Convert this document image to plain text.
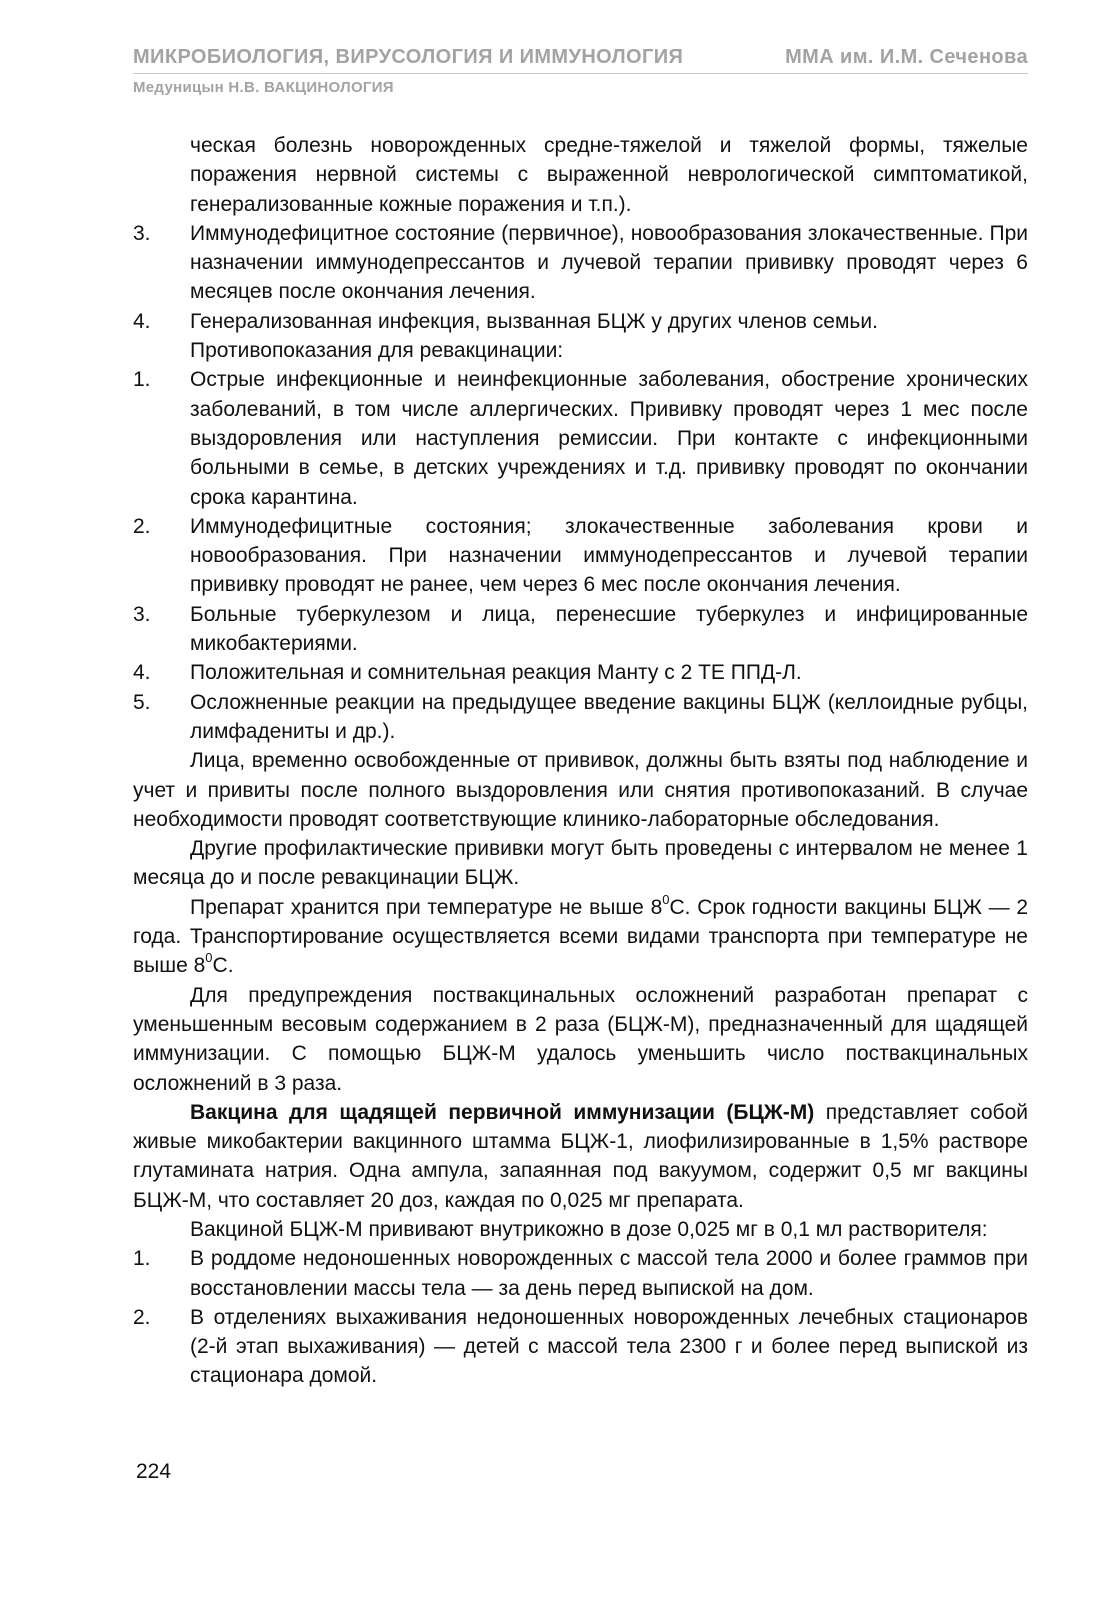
МИКРОБИОЛОГИЯ, ВИРУСОЛОГИЯ И ИММУНОЛОГИЯ	ММА им. И.М. Сеченова
Медуницын Н.В. ВАКЦИНОЛОГИЯ

ческая болезнь новорожденных средне-тяжелой и тяжелой формы, тяжелые поражения нервной системы с выраженной неврологической симптоматикой, генерализованные кожные поражения и т.п.).

3.	Иммунодефицитное состояние (первичное), новообразования злокачественные. При назначении иммунодепрессантов и лучевой терапии прививку проводят через 6 месяцев после окончания лечения.
4.	Генерализованная инфекция, вызванная БЦЖ у других членов семьи.

Противопоказания для ревакцинации:

1.	Острые инфекционные и неинфекционные заболевания, обострение хронических заболеваний, в том числе аллергических. Прививку проводят через 1 мес после выздоровления или наступления ремиссии. При контакте с инфекционными больными в семье, в детских учреждениях и т.д. прививку проводят по окончании срока карантина.
2.	Иммунодефицитные состояния; злокачественные заболевания крови и новообразования. При назначении иммунодепрессантов и лучевой терапии прививку проводят не ранее, чем через 6 мес после окончания лечения.
3.	Больные туберкулезом и лица, перенесшие туберкулез и инфицированные микобактериями.
4.	Положительная и сомнительная реакция Манту с 2 ТЕ ППД-Л.
5.	Осложненные реакции на предыдущее введение вакцины БЦЖ (келлоидные рубцы, лимфадениты и др.).

Лица, временно освобожденные от прививок, должны быть взяты под наблюдение и учет и привиты после полного выздоровления или снятия противопоказаний. В случае необходимости проводят соответствующие клинико-лабораторные обследования.

Другие профилактические прививки могут быть проведены с интервалом не менее 1 месяца до и после ревакцинации БЦЖ.

Препарат хранится при температуре не выше $8^0С$. Срок годности вакцины БЦЖ — 2 года. Транспортирование осуществляется всеми видами транспорта при температуре не выше $8^0С$.

Для предупреждения поствакцинальных осложнений разработан препарат с уменьшенным весовым содержанием в 2 раза (БЦЖ-М), предназначенный для щадящей иммунизации. С помощью БЦЖ-М удалось уменьшить число поствакцинальных осложнений в 3 раза.

Вакцина для щадящей первичной иммунизации (БЦЖ-М) представляет собой живые микобактерии вакцинного штамма БЦЖ-1, лиофилизированные в 1,5% растворе глутамината натрия. Одна ампула, запаянная под вакуумом, содержит 0,5 мг вакцины БЦЖ-М, что составляет 20 доз, каждая по 0,025 мг препарата.

Вакциной БЦЖ-М прививают внутрикожно в дозе 0,025 мг в 0,1 мл растворителя:

1.	В роддоме недоношенных новорожденных с массой тела 2000 и более граммов при восстановлении массы тела — за день перед выпиской на дом.
2.	В отделениях выхаживания недоношенных новорожденных лечебных стационаров (2-й этап выхаживания) — детей с массой тела 2300 г и более перед выпиской из стационара домой.
224
